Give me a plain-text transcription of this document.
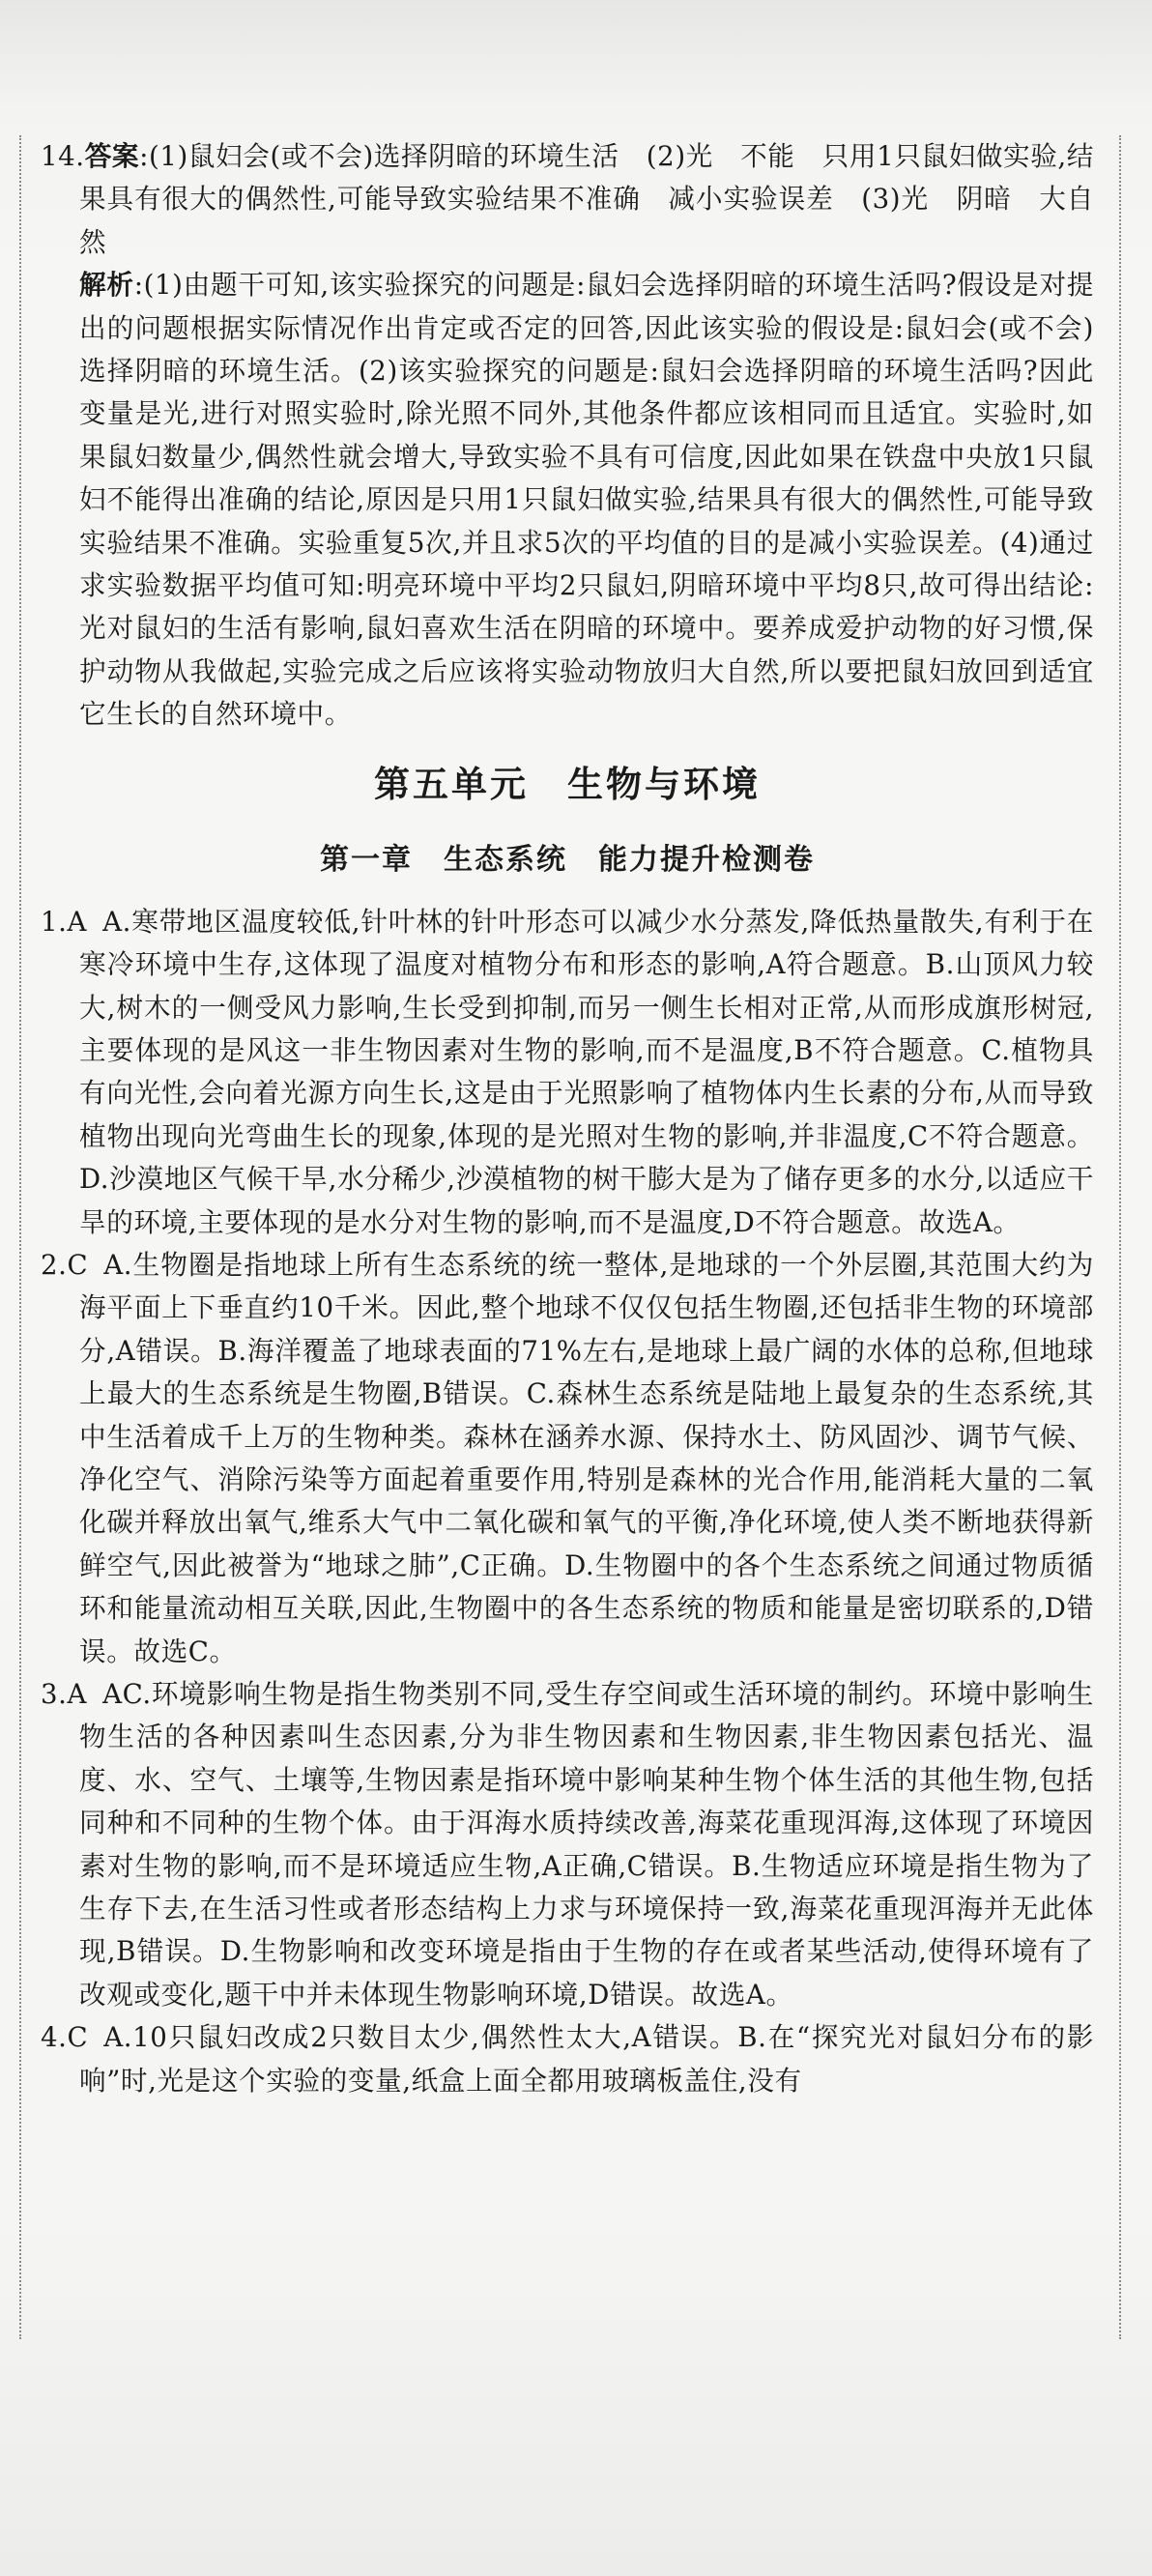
14.答案:(1)鼠妇会(或不会)选择阴暗的环境生活　(2)光　不能　只用1只鼠妇做实验,结果具有很大的偶然性,可能导致实验结果不准确　减小实验误差　(3)光　阴暗　大自然

解析:(1)由题干可知,该实验探究的问题是:鼠妇会选择阴暗的环境生活吗?假设是对提出的问题根据实际情况作出肯定或否定的回答,因此该实验的假设是:鼠妇会(或不会)选择阴暗的环境生活。(2)该实验探究的问题是:鼠妇会选择阴暗的环境生活吗?因此变量是光,进行对照实验时,除光照不同外,其他条件都应该相同而且适宜。实验时,如果鼠妇数量少,偶然性就会增大,导致实验不具有可信度,因此如果在铁盘中央放1只鼠妇不能得出准确的结论,原因是只用1只鼠妇做实验,结果具有很大的偶然性,可能导致实验结果不准确。实验重复5次,并且求5次的平均值的目的是减小实验误差。(4)通过求实验数据平均值可知:明亮环境中平均2只鼠妇,阴暗环境中平均8只,故可得出结论:光对鼠妇的生活有影响,鼠妇喜欢生活在阴暗的环境中。要养成爱护动物的好习惯,保护动物从我做起,实验完成之后应该将实验动物放归大自然,所以要把鼠妇放回到适宜它生长的自然环境中。

第五单元　生物与环境
第一章　生态系统　能力提升检测卷

1.A A.寒带地区温度较低,针叶林的针叶形态可以减少水分蒸发,降低热量散失,有利于在寒冷环境中生存,这体现了温度对植物分布和形态的影响,A符合题意。B.山顶风力较大,树木的一侧受风力影响,生长受到抑制,而另一侧生长相对正常,从而形成旗形树冠,主要体现的是风这一非生物因素对生物的影响,而不是温度,B不符合题意。C.植物具有向光性,会向着光源方向生长,这是由于光照影响了植物体内生长素的分布,从而导致植物出现向光弯曲生长的现象,体现的是光照对生物的影响,并非温度,C不符合题意。D.沙漠地区气候干旱,水分稀少,沙漠植物的树干膨大是为了储存更多的水分,以适应干旱的环境,主要体现的是水分对生物的影响,而不是温度,D不符合题意。故选A。

2.C A.生物圈是指地球上所有生态系统的统一整体,是地球的一个外层圈,其范围大约为海平面上下垂直约10千米。因此,整个地球不仅仅包括生物圈,还包括非生物的环境部分,A错误。B.海洋覆盖了地球表面的71%左右,是地球上最广阔的水体的总称,但地球上最大的生态系统是生物圈,B错误。C.森林生态系统是陆地上最复杂的生态系统,其中生活着成千上万的生物种类。森林在涵养水源、保持水土、防风固沙、调节气候、净化空气、消除污染等方面起着重要作用,特别是森林的光合作用,能消耗大量的二氧化碳并释放出氧气,维系大气中二氧化碳和氧气的平衡,净化环境,使人类不断地获得新鲜空气,因此被誉为“地球之肺”,C正确。D.生物圈中的各个生态系统之间通过物质循环和能量流动相互关联,因此,生物圈中的各生态系统的物质和能量是密切联系的,D错误。故选C。

3.A AC.环境影响生物是指生物类别不同,受生存空间或生活环境的制约。环境中影响生物生活的各种因素叫生态因素,分为非生物因素和生物因素,非生物因素包括光、温度、水、空气、土壤等,生物因素是指环境中影响某种生物个体生活的其他生物,包括同种和不同种的生物个体。由于洱海水质持续改善,海菜花重现洱海,这体现了环境因素对生物的影响,而不是环境适应生物,A正确,C错误。B.生物适应环境是指生物为了生存下去,在生活习性或者形态结构上力求与环境保持一致,海菜花重现洱海并无此体现,B错误。D.生物影响和改变环境是指由于生物的存在或者某些活动,使得环境有了改观或变化,题干中并未体现生物影响环境,D错误。故选A。

4.C A.10只鼠妇改成2只数目太少,偶然性太大,A错误。B.在“探究光对鼠妇分布的影响”时,光是这个实验的变量,纸盒上面全都用玻璃板盖住,没有
